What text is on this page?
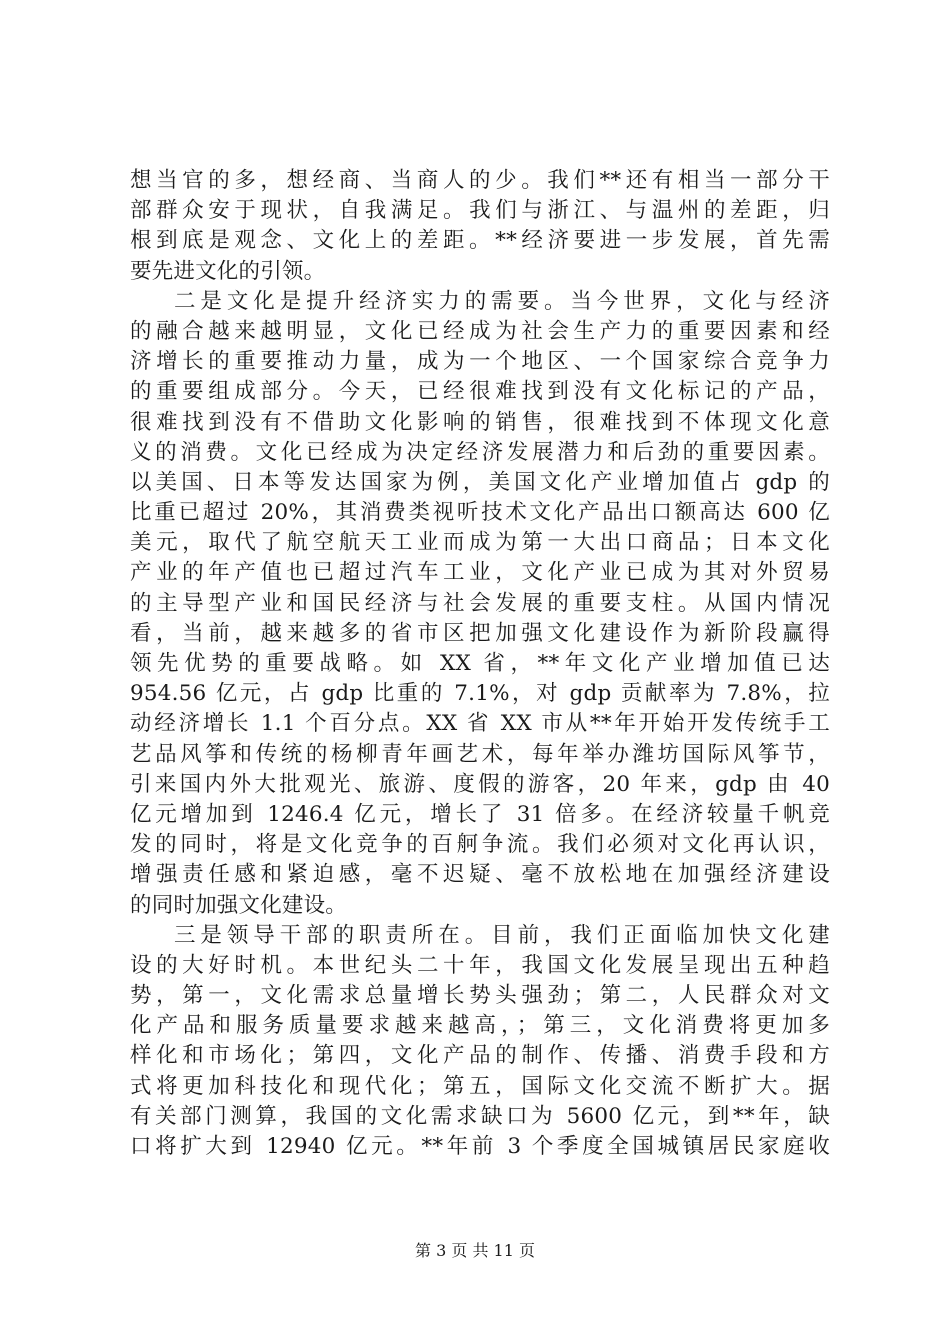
想当官的多，想经商、当商人的少。我们**还有相当一部分干
部群众安于现状，自我满足。我们与浙江、与温州的差距，归
根到底是观念、文化上的差距。**经济要进一步发展，首先需
要先进文化的引领。
二是文化是提升经济实力的需要。当今世界，文化与经济
的融合越来越明显，文化已经成为社会生产力的重要因素和经
济增长的重要推动力量，成为一个地区、一个国家综合竞争力
的重要组成部分。今天，已经很难找到没有文化标记的产品，
很难找到没有不借助文化影响的销售，很难找到不体现文化意
义的消费。文化已经成为决定经济发展潜力和后劲的重要因素。
以美国、日本等发达国家为例，美国文化产业增加值占 gdp 的
比重已超过 20%，其消费类视听技术文化产品出口额高达 600 亿
美元，取代了航空航天工业而成为第一大出口商品；日本文化
产业的年产值也已超过汽车工业，文化产业已成为其对外贸易
的主导型产业和国民经济与社会发展的重要支柱。从国内情况
看，当前，越来越多的省市区把加强文化建设作为新阶段赢得
领先优势的重要战略。如 XX 省，**年文化产业增加值已达
954.56 亿元，占 gdp 比重的 7.1%，对 gdp 贡献率为 7.8%，拉
动经济增长 1.1 个百分点。XX 省 XX 市从**年开始开发传统手工
艺品风筝和传统的杨柳青年画艺术，每年举办潍坊国际风筝节，
引来国内外大批观光、旅游、度假的游客，20 年来，gdp 由 40
亿元增加到 1246.4 亿元，增长了 31 倍多。在经济较量千帆竞
发的同时，将是文化竞争的百舸争流。我们必须对文化再认识，
增强责任感和紧迫感，毫不迟疑、毫不放松地在加强经济建设
的同时加强文化建设。
三是领导干部的职责所在。目前，我们正面临加快文化建
设的大好时机。本世纪头二十年，我国文化发展呈现出五种趋
势，第一，文化需求总量增长势头强劲；第二，人民群众对文
化产品和服务质量要求越来越高，；第三，文化消费将更加多
样化和市场化；第四，文化产品的制作、传播、消费手段和方
式将更加科技化和现代化；第五，国际文化交流不断扩大。据
有关部门测算，我国的文化需求缺口为 5600 亿元，到**年，缺
口将扩大到 12940 亿元。**年前 3 个季度全国城镇居民家庭收
第 3 页 共 11 页
